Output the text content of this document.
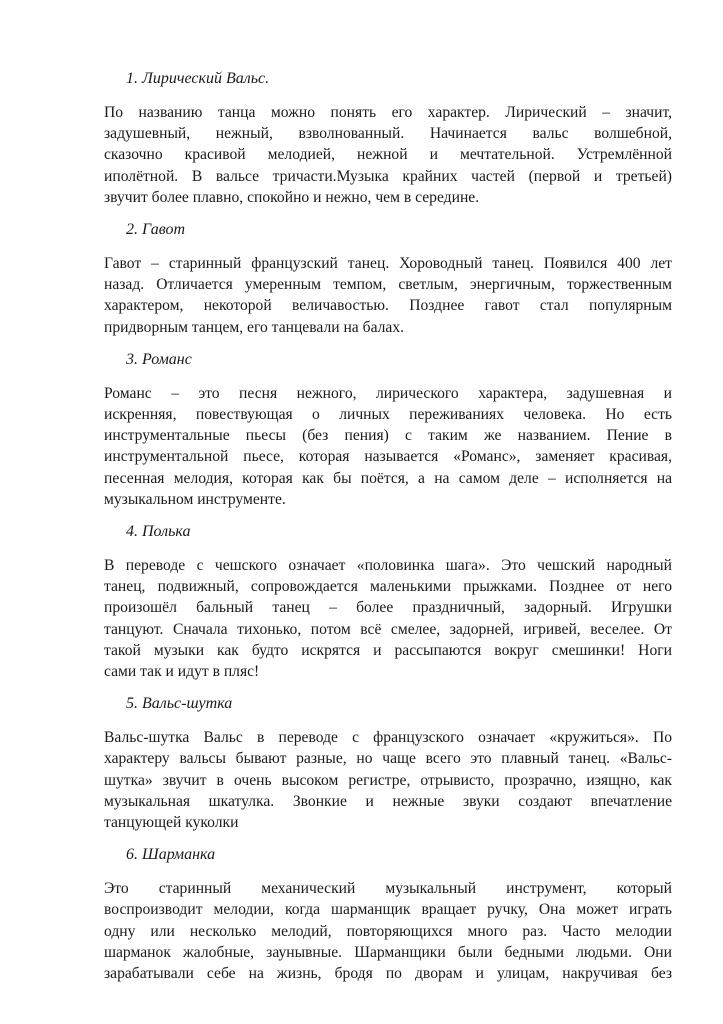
1. Лирический Вальс.
По названию танца можно понять его характер. Лирический – значит,
задушевный, нежный, взволнованный. Начинается вальс волшебной,
сказочно красивой мелодией, нежной и мечтательной. Устремлённой
иполётной. В вальсе тричасти.Музыка крайних частей (первой и третьей)
звучит более плавно, спокойно и нежно, чем в середине.
2. Гавот
Гавот – старинный французский танец. Хороводный танец. Появился 400 лет
назад. Отличается умеренным темпом, светлым, энергичным, торжественным
характером, некоторой величавостью. Позднее гавот стал популярным
придворным танцем, его танцевали на балах.
3. Романс
Романс – это песня нежного, лирического характера, задушевная и
искренняя, повествующая о личных переживаниях человека. Но есть
инструментальные пьесы (без пения) с таким же названием. Пение в
инструментальной пьесе, которая называется «Романс», заменяет красивая,
песенная мелодия, которая как бы поётся, а на самом деле – исполняется на
музыкальном инструменте.
4. Полька
В переводе с чешского означает «половинка шага». Это чешский народный
танец, подвижный, сопровождается маленькими прыжками. Позднее от него
произошёл бальный танец – более праздничный, задорный. Игрушки
танцуют. Сначала тихонько, потом всё смелее, задорней, игривей, веселее. От
такой музыки как будто искрятся и рассыпаются вокруг смешинки! Ноги
сами так и идут в пляс!
5. Вальс-шутка
Вальс-шутка Вальс в переводе с французского означает «кружиться». По
характеру вальсы бывают разные, но чаще всего это плавный танец. «Вальс-
шутка» звучит в очень высоком регистре, отрывисто, прозрачно, изящно, как
музыкальная шкатулка. Звонкие и нежные звуки создают впечатление
танцующей куколки
6. Шарманка
Это старинный механический музыкальный инструмент, который
воспроизводит мелодии, когда шарманщик вращает ручку, Она может играть
одну или несколько мелодий, повторяющихся много раз. Часто мелодии
шарманок жалобные, заунывные. Шарманщики были бедными людьми. Они
зарабатывали себе на жизнь, бродя по дворам и улицам, накручивая без
